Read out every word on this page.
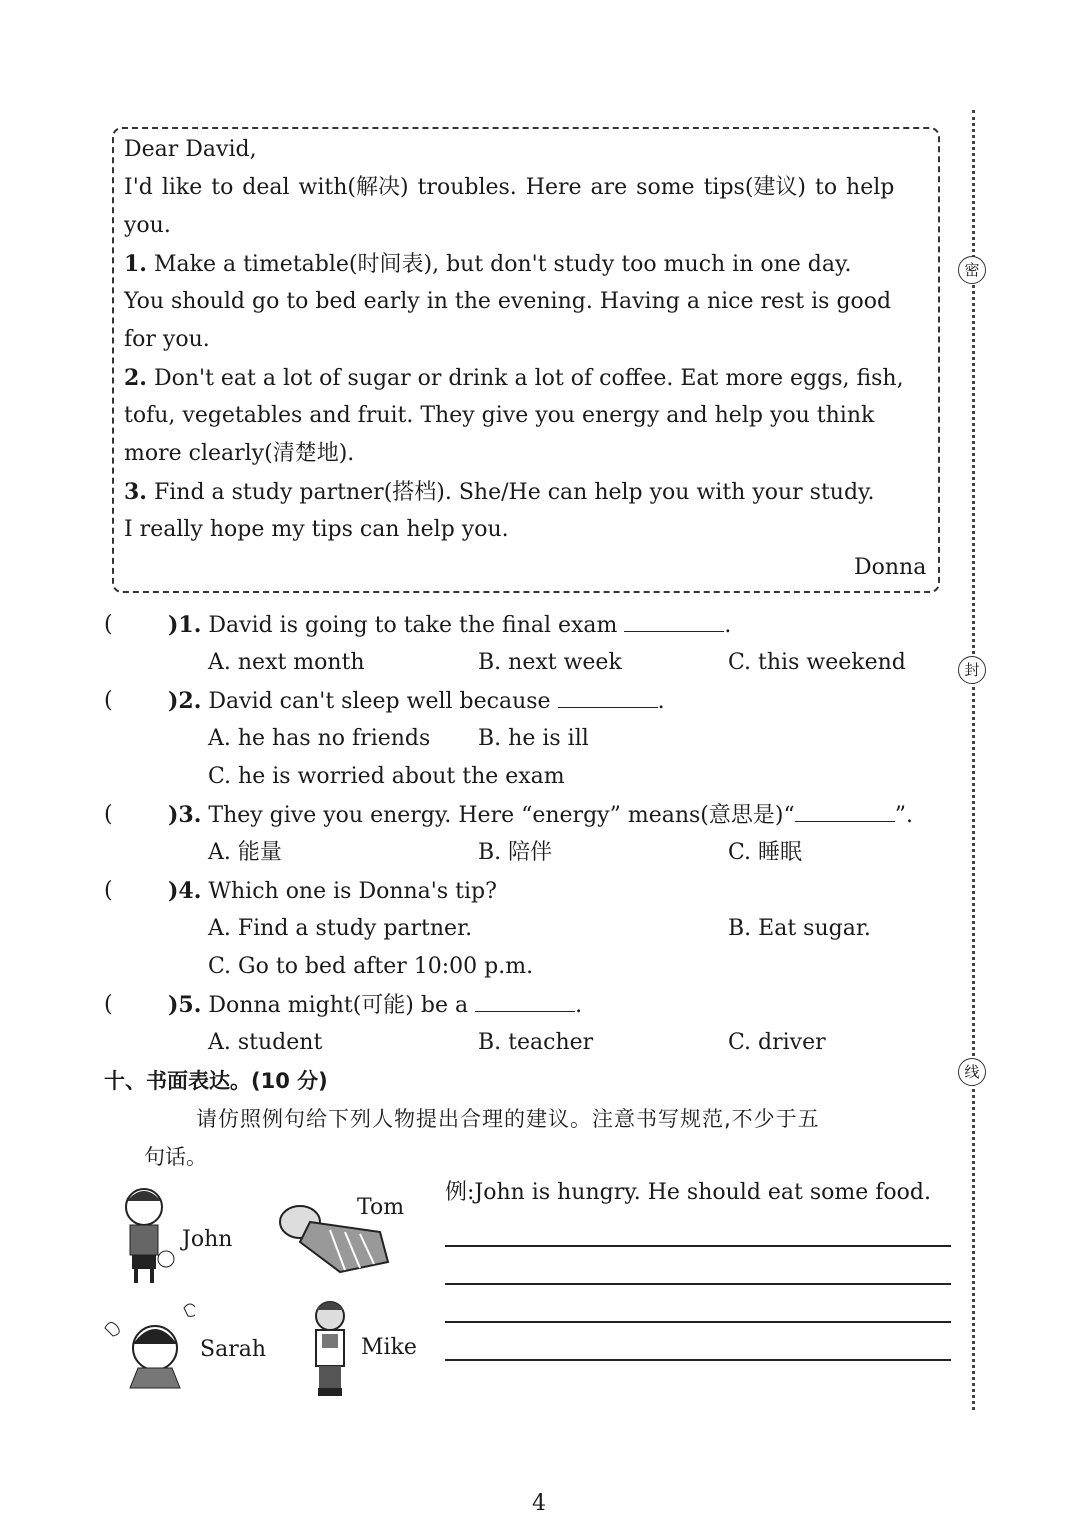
密
封
线
Dear David,
I'd like to deal with(解决) troubles. Here are some tips(建议) to help
you.
1. Make a timetable(时间表), but don't study too much in one day.
You should go to bed early in the evening. Having a nice rest is good
for you.
2. Don't eat a lot of sugar or drink a lot of coffee. Eat more eggs, fish,
tofu, vegetables and fruit. They give you energy and help you think
more clearly(清楚地).
3. Find a study partner(搭档). She/He can help you with your study.
I really hope my tips can help you.
Donna
(	)1. David is going to take the final exam	.
A. next month	B. next week	C. this weekend
(	)2. David can't sleep well because	.
A. he has no friends B. he is ill
C. he is worried about the exam
(	)3. They give you energy. Here “energy” means(意思是)“	”.
A. 能量	B. 陪伴	C. 睡眠
(	)4. Which one is Donna's tip?
A. Find a study partner.	B. Eat sugar.
C. Go to bed after 10:00 p.m.
(	)5. Donna might(可能) be a	.
A. student	B. teacher	C. driver
十、书面表达。(10 分)
请仿照例句给下列人物提出合理的建议。注意书写规范,不少于五
句话。
例:John is hungry. He should eat some food.
John
Tom
Sarah	Mike
4
